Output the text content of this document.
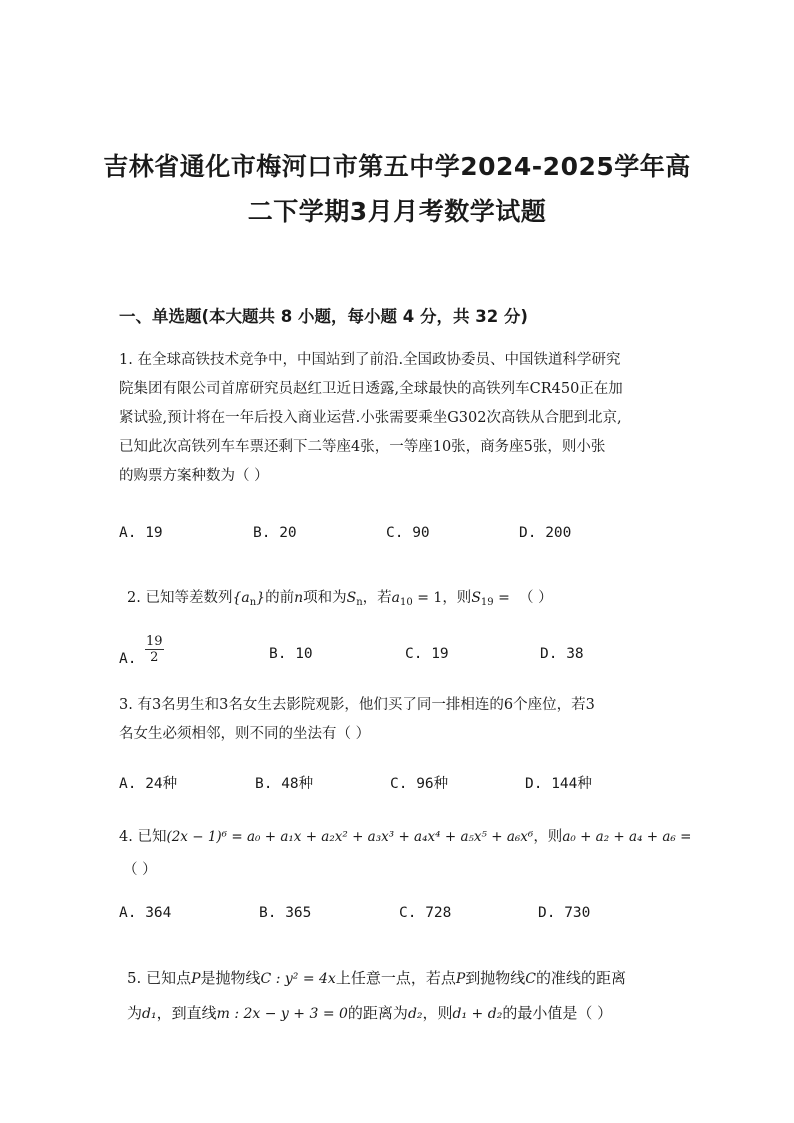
吉林省通化市梅河口市第五中学2024-2025学年高
二下学期3月月考数学试题
一、单选题(本大题共 8 小题，每小题 4 分，共 32 分)
1. 在全球高铁技术竞争中，中国站到了前沿.全国政协委员、中国铁道科学研究
院集团有限公司首席研究员赵红卫近日透露,全球最快的高铁列车CR450正在加
紧试验,预计将在一年后投入商业运营.小张需要乘坐G302次高铁从合肥到北京,
已知此次高铁列车车票还剩下二等座4张，一等座10张，商务座5张，则小张
的购票方案种数为（ ）
A. 19	B. 20	C. 90	D. 200
2. 已知等差数列$\{a_n\}$的前n项和为$S_n$，若$a_{10} = 1$，则$S_{19}$ = （ ）
A. $\frac{19}{2}$	B. 10	C. 19	D. 38
3. 有3名男生和3名女生去影院观影，他们买了同一排相连的6个座位，若3
名女生必须相邻，则不同的坐法有（ ）
A. 24种	B. 48种	C. 96种	D. 144种
4. 已知(2x − 1)⁶ = a₀ + a₁x + a₂x² + a₃x³ + a₄x⁴ + a₅x⁵ + a₆x⁶，则a₀ + a₂ + a₄ + a₆ =
（ ）
A. 364	B. 365	C. 728	D. 730
5. 已知点P是抛物线C : y² = 4x上任意一点，若点P到抛物线C的准线的距离
为d₁，到直线m : 2x − y + 3 = 0的距离为d₂，则d₁ + d₂的最小值是（ ）
